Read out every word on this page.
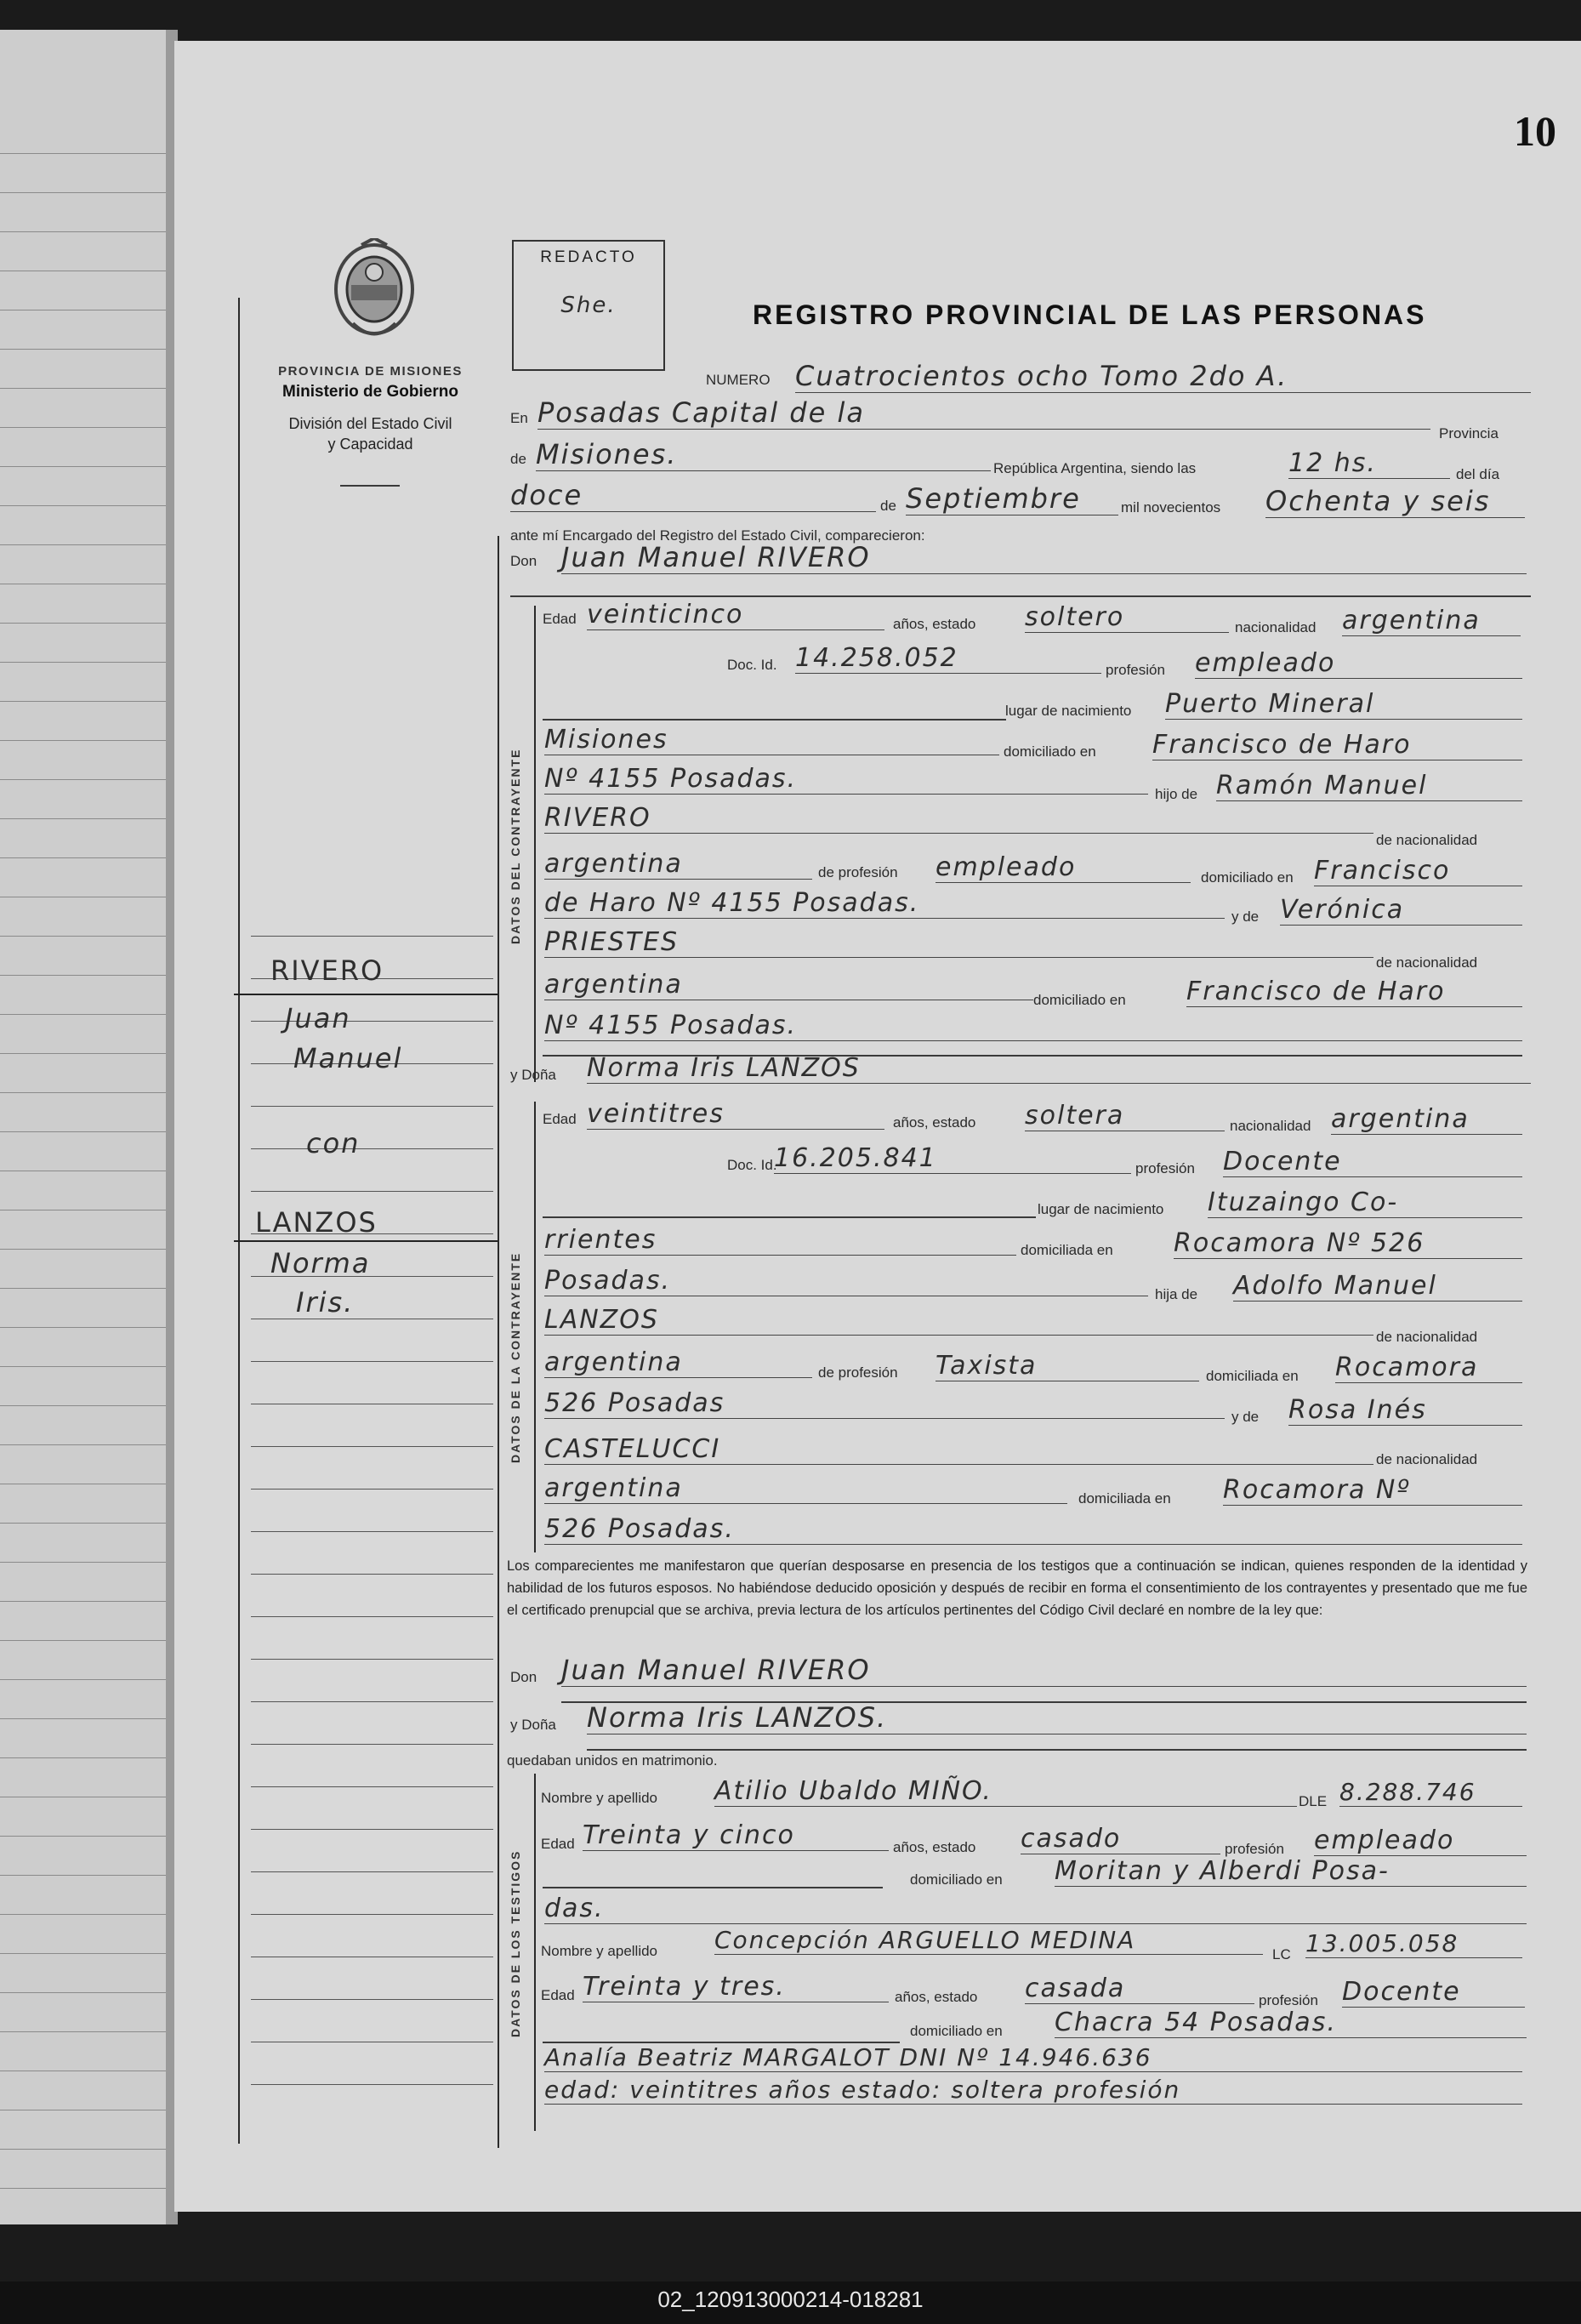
10
PROVINCIA DE MISIONES
Ministerio de Gobierno
División del Estado Civil
y Capacidad
REDACTO
She.	REGISTRO PROVINCIAL DE LAS PERSONAS
NUMERO Cuatrocientos ocho Tomo 2do A.
En Posadas Capital de la
Provincia
de Misiones.	República Argentina, siendo las	12 hs.	del día
doce	de Septiembre	mil novecientos Ochenta y seis
ante mí Encargado del Registro del Estado Civil, comparecieron:
Don Juan Manuel RIVERO
DATOS DEL CONTRAYENTE
Edad veinticinco	años, estado soltero	nacionalidad argentina
Doc. Id. 14.258.052	profesión empleado
lugar de nacimiento Puerto Mineral
Misiones	domiciliado en Francisco de Haro
Nº 4155 Posadas.
hijo de Ramón Manuel
RIVERO
de nacionalidad
argentina	de profesión empleado	domiciliado en Francisco
de Haro Nº 4155 Posadas.	y de Verónica
PRIESTES
de nacionalidad
argentina
domiciliado en Francisco de Haro
Nº 4155 Posadas.
y Doña Norma Iris LANZOS
DATOS DE LA CONTRAYENTE
Edad veintitres	años, estado soltera	nacionalidad argentina
Doc. Id.
16.205.841	profesión Docente
lugar de nacimiento Ituzaingo Co-
rrientes	domiciliada en Rocamora Nº 526
Posadas.	hija de Adolfo Manuel
LANZOS
de nacionalidad
argentina	de profesión Taxista	domiciliada en Rocamora
526 Posadas	y de Rosa Inés
CASTELUCCI	de nacionalidad
argentina	domiciliada en Rocamora Nº
526 Posadas.
Los comparecientes me manifestaron que querían desposarse en presencia de los testigos que a continuación se indican, quienes responden de la identidad y habilidad de los futuros esposos. No habiéndose deducido oposición y después de recibir en forma el consentimiento de los contrayentes y presentado que me fue el certificado prenupcial que se archiva, previa lectura de los artículos pertinentes del Código Civil declaré en nombre de la ley que:
Don Juan Manuel RIVERO
y Doña Norma Iris LANZOS.
quedaban unidos en matrimonio.
DATOS DE LOS TESTIGOS
Nombre y apellido Atilio Ubaldo MIÑO.	DLE 8.288.746
Edad Treinta y cinco	años, estado casado	profesión empleado
domiciliado en Moritan y Alberdi Posa-
das.
Nombre y apellido Concepción ARGUELLO MEDINA
LC 13.005.058
Edad Treinta y tres.	años, estado casada	profesión Docente
domiciliado en Chacra 54 Posadas.
Analía Beatriz MARGALOT DNI Nº 14.946.636
edad: veintitres años estado: soltera profesión
RIVERO
Juan
Manuel
con
LANZOS
Norma
Iris.
02_120913000214-018281
